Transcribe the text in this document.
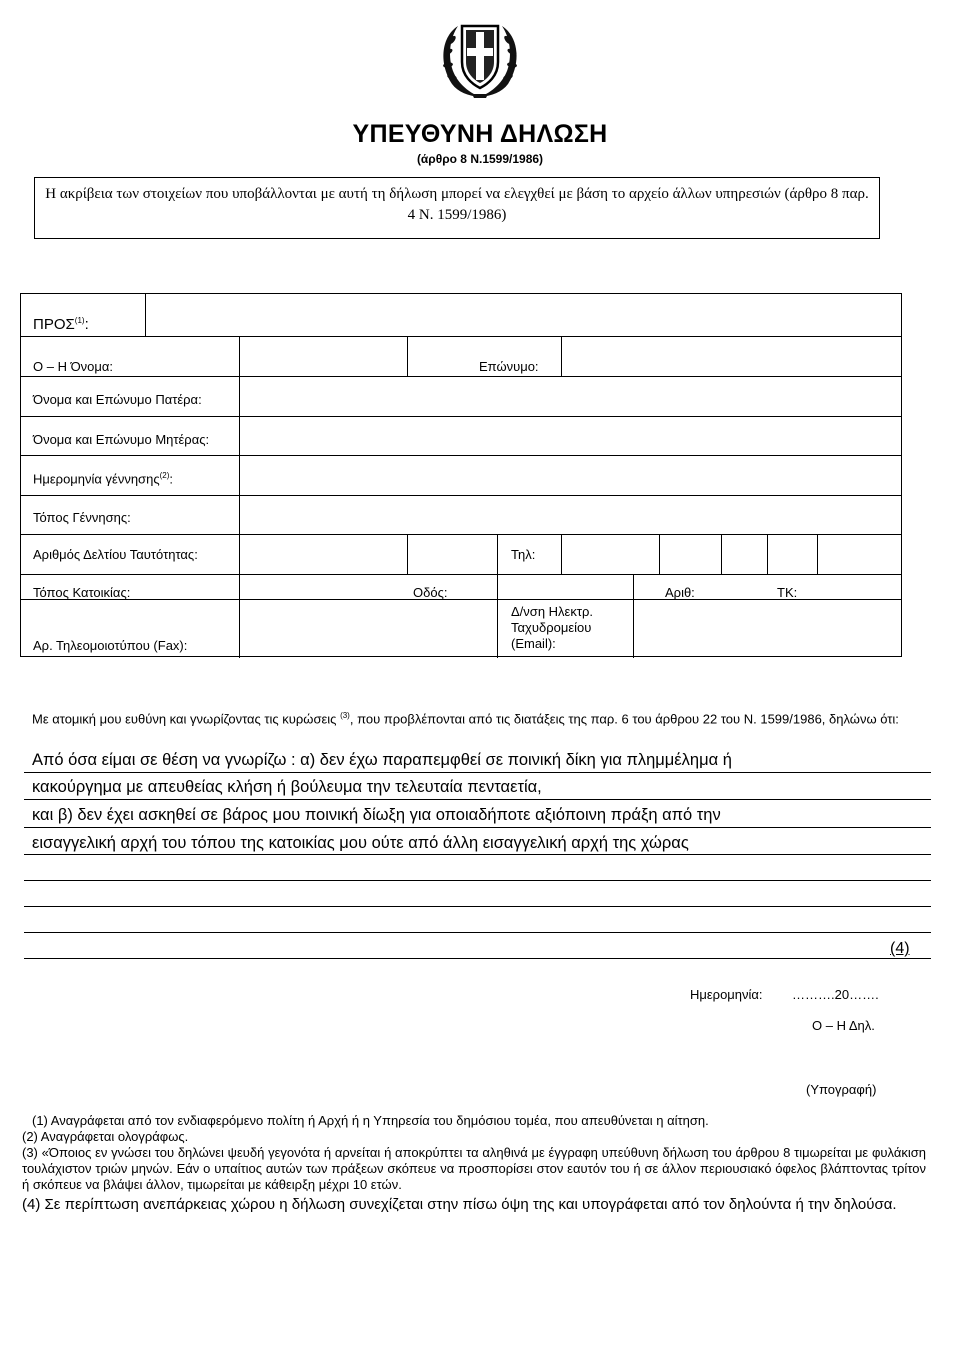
ΥΠΕΥΘΥΝΗ ΔΗΛΩΣΗ
(άρθρο 8 Ν.1599/1986)
Η ακρίβεια των στοιχείων που υποβάλλονται με αυτή τη δήλωση μπορεί να ελεγχθεί με βάση το αρχείο άλλων υπηρεσιών (άρθρο 8 παρ. 4 Ν. 1599/1986)
ΠΡΟΣ$^{(1)}$:
Ο – Η Όνομα:	Επώνυμο:
Όνομα και Επώνυμο Πατέρα:
Όνομα και Επώνυμο Μητέρας:
Ημερομηνία γέννησης$^{(2)}$:
Τόπος Γέννησης:
Αριθμός Δελτίου Ταυτότητας:	Τηλ:
Τόπος Κατοικίας:	Οδός:	Αριθ:	ΤΚ:
Αρ. Τηλεομοιοτύπου (Fax):
Δ/νση Ηλεκτρ.
Ταχυδρομείου
(Email):
Με ατομική μου ευθύνη και γνωρίζοντας τις κυρώσεις $^{(3)}$, που προβλέπονται από τις διατάξεις της παρ. 6 του άρθρου 22 του Ν. 1599/1986, δηλώνω ότι:
Από όσα είμαι σε θέση να γνωρίζω : α) δεν έχω παραπεμφθεί σε ποινική δίκη για πλημμέλημα ή
κακούργημα με απευθείας κλήση ή βούλευμα την τελευταία πενταετία,
και β) δεν έχει ασκηθεί σε βάρος μου ποινική δίωξη για οποιαδήποτε αξιόποινη πράξη από την
εισαγγελική αρχή του τόπου της κατοικίας μου ούτε από άλλη εισαγγελική αρχή της χώρας
(4)
Ημερομηνία: ……….20…….
Ο – Η Δηλ.
(Υπογραφή)

(1) Αναγράφεται από τον ενδιαφερόμενο πολίτη ή Αρχή ή η Υπηρεσία του δημόσιου τομέα, που απευθύνεται η αίτηση.

(2) Αναγράφεται ολογράφως.

(3) «Όποιος εν γνώσει του δηλώνει ψευδή γεγονότα ή αρνείται ή αποκρύπτει τα αληθινά με έγγραφη υπεύθυνη δήλωση του άρθρου 8 τιμωρείται με φυλάκιση τουλάχιστον τριών μηνών. Εάν ο υπαίτιος αυτών των πράξεων σκόπευε να προσπορίσει στον εαυτόν του ή σε άλλον περιουσιακό όφελος βλάπτοντας τρίτον ή σκόπευε να βλάψει άλλον, τιμωρείται με κάθειρξη μέχρι 10 ετών.

(4) Σε περίπτωση ανεπάρκειας χώρου η δήλωση συνεχίζεται στην πίσω όψη της και υπογράφεται από τον δηλούντα ή την δηλούσα.
